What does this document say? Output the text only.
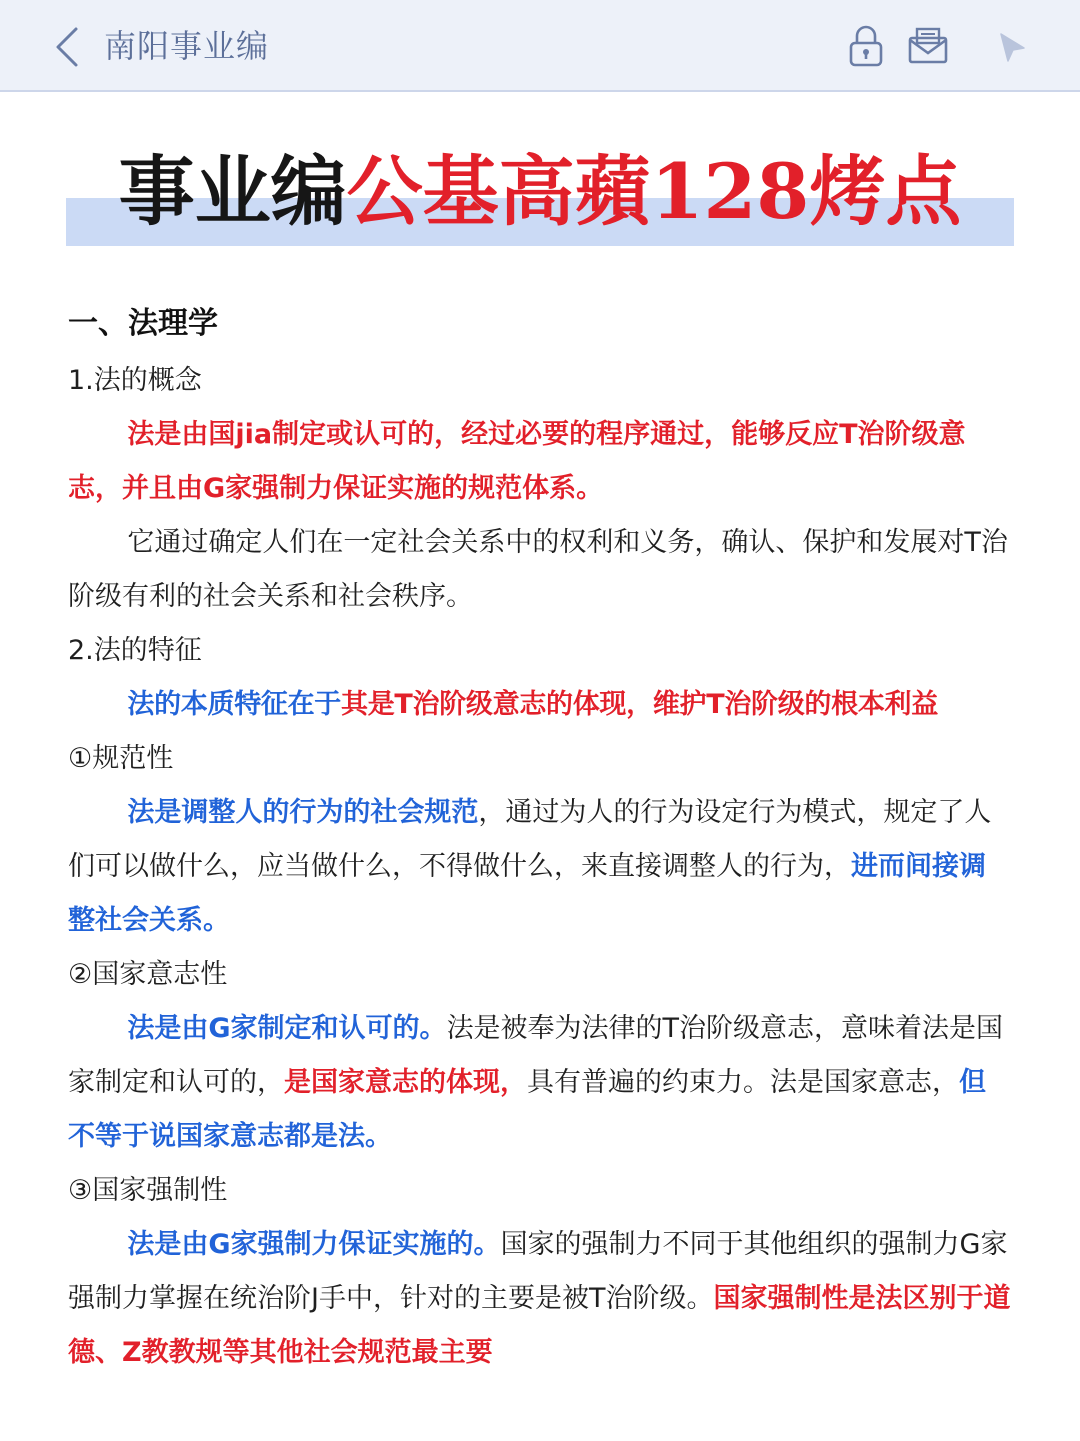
南阳事业编
事业编公基高蘋128烤点
一、法理学
1.法的概念

法是由国jia制定或认可的，经过必要的程序通过，能够反应T治阶级意志，并且由G家强制力保证实施的规范体系。

它通过确定人们在一定社会关系中的权利和义务，确认、保护和发展对T治阶级有利的社会关系和社会秩序。

2.法的特征

法的本质特征在于其是T治阶级意志的体现，维护T治阶级的根本利益

①规范性

法是调整人的行为的社会规范，通过为人的行为设定行为模式，规定了人们可以做什么，应当做什么，不得做什么，来直接调整人的行为，进而间接调整社会关系。

②国家意志性

法是由G家制定和认可的。法是被奉为法律的T治阶级意志，意味着法是国家制定和认可的，是国家意志的体现，具有普遍的约束力。法是国家意志，但不等于说国家意志都是法。

③国家强制性

法是由G家强制力保证实施的。国家的强制力不同于其他组织的强制力G家强制力掌握在统治阶J手中，针对的主要是被T治阶级。国家强制性是法区别于道德、Z教教规等其他社会规范最主要
